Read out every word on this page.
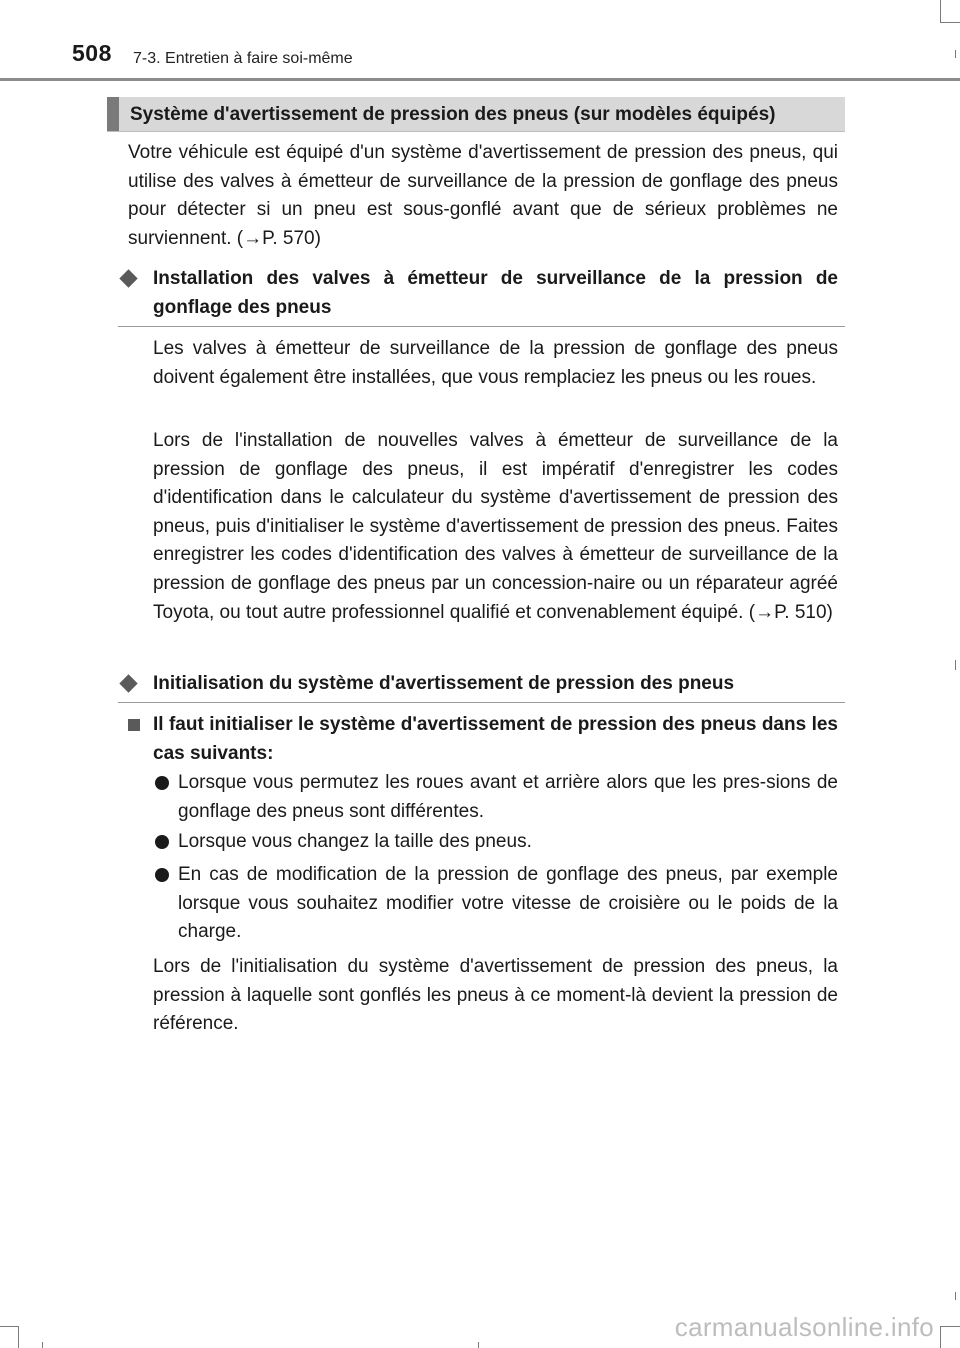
508 7-3. Entretien à faire soi-même
Système d'avertissement de pression des pneus (sur modèles équipés)

Votre véhicule est équipé d'un système d'avertissement de pression des pneus, qui utilise des valves à émetteur de surveillance de la pression de gonflage des pneus pour détecter si un pneu est sous-gonflé avant que de sérieux problèmes ne surviennent. (→P. 570)

Installation des valves à émetteur de surveillance de la pression de gonflage des pneus

Les valves à émetteur de surveillance de la pression de gonflage des pneus doivent également être installées, que vous remplaciez les pneus ou les roues.

Lors de l'installation de nouvelles valves à émetteur de surveillance de la pression de gonflage des pneus, il est impératif d'enregistrer les codes d'identification dans le calculateur du système d'avertissement de pression des pneus, puis d'initialiser le système d'avertissement de pression des pneus. Faites enregistrer les codes d'identification des valves à émetteur de surveillance de la pression de gonflage des pneus par un concession-naire ou un réparateur agréé Toyota, ou tout autre professionnel qualifié et convenablement équipé. (→P. 510)

Initialisation du système d'avertissement de pression des pneus

Il faut initialiser le système d'avertissement de pression des pneus dans les cas suivants:

Lorsque vous permutez les roues avant et arrière alors que les pres-sions de gonflage des pneus sont différentes.

Lorsque vous changez la taille des pneus.

En cas de modification de la pression de gonflage des pneus, par exemple lorsque vous souhaitez modifier votre vitesse de croisière ou le poids de la charge.

Lors de l'initialisation du système d'avertissement de pression des pneus, la pression à laquelle sont gonflés les pneus à ce moment-là devient la pression de référence.

carmanualsonline.info
